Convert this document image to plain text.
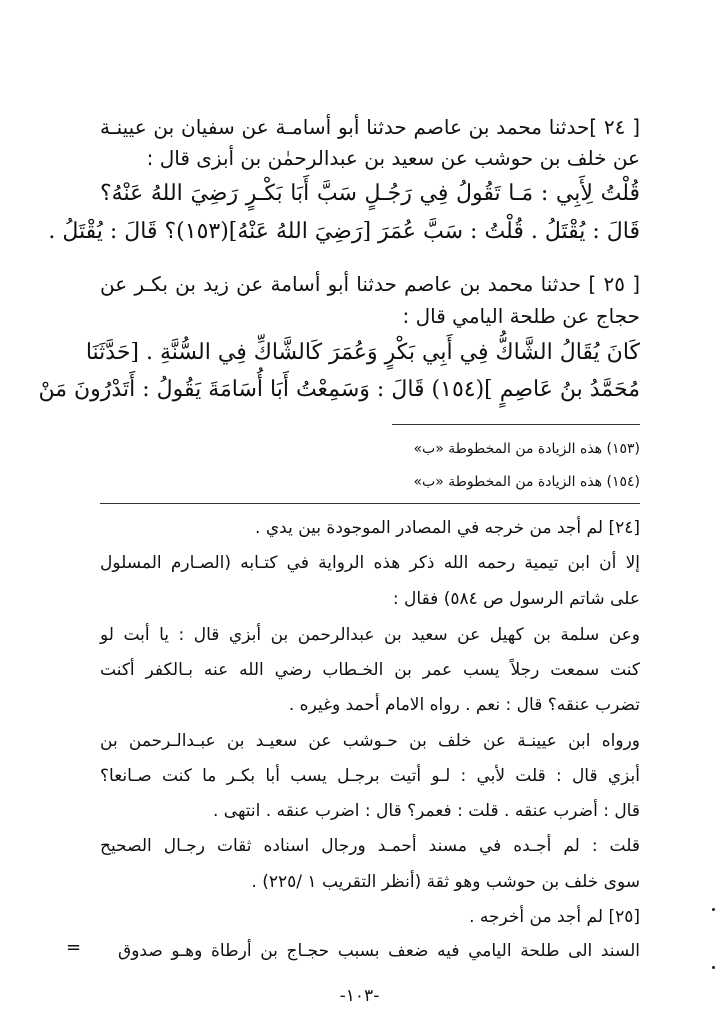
[ ٢٤ ]حدثنا محمد بن عاصم حدثنا أبو أسامـة عن سفيان بن عيينـة
عن خلف بن حوشب عن سعيد بن عبدالرحمٰن بن أبزى قال :
قُلْتُ لِأَبِي : مَـا تَقُولُ فِي رَجُـلٍ سَبَّ أَبَا بَكْـرٍ رَضِيَ اللهُ عَنْهُ؟
قَالَ : يُقْتَلُ . قُلْتُ : سَبَّ عُمَرَ [رَضِيَ اللهُ عَنْهُ](١٥٣)؟ قَالَ : يُقْتَلُ .
[ ٢٥ ] حدثنا محمد بن عاصم حدثنا أبو أسامة عن زيد بن بكـر عن
حجاج عن طلحة اليامي قال :
كَانَ يُقَالُ الشَّاكُّ فِي أَبِي بَكْرٍ وَعُمَرَ كَالشَّاكِّ فِي السُّنَّةِ . [حَدَّثَنَا
مُحَمَّدُ بنُ عَاصِمٍ ](١٥٤) قَالَ : وَسَمِعْتُ أَبَا أُسَامَةَ يَقُولُ : أَتَدْرُونَ مَنْ
(١٥٣) هذه الزيادة من المخطوطة «ب»
(١٥٤) هذه الزيادة من المخطوطة «ب»
[٢٤] لم أجد من خرجه في المصادر الموجودة بين يدي .
إلا أن ابن تيمية رحمه الله ذكر هذه الرواية في كتـابه (الصـارم المسلول
على شاتم الرسول ص ٥٨٤) فقال :
وعن سلمة بن كهيل عن سعيد بن عبدالرحمن بن أبزي قال : يا أبت لو
كنت سمعت رجلاً يسب عمر بن الخـطاب رضي الله عنه بـالكفر أكنت
تضرب عنقه؟ قال : نعم . رواه الامام أحمد وغيره .
ورواه ابن عيينـة عن خلف بن حـوشب عن سعيـد بن عبـدالـرحمن بن
أبزي قال : قلت لأبي : لـو أتيت برجـل يسب أبا بكـر ما كنت صـانعا؟
قال : أضرب عنقه . قلت : فعمر؟ قال : اضرب عنقه . انتهى .
قلت : لم أجـده في مسند أحمـد ورجال اسناده ثقات رجـال الصحيح
سوى خلف بن حوشب وهو ثقة (أنظر التقريب ١ /٢٢٥) .
[٢٥] لم أجد من أخرجه .
السند الى طلحة اليامي فيه ضعف بسبب حجـاج بن أرطاة وهـو صدوق
=
-١٠٣-
